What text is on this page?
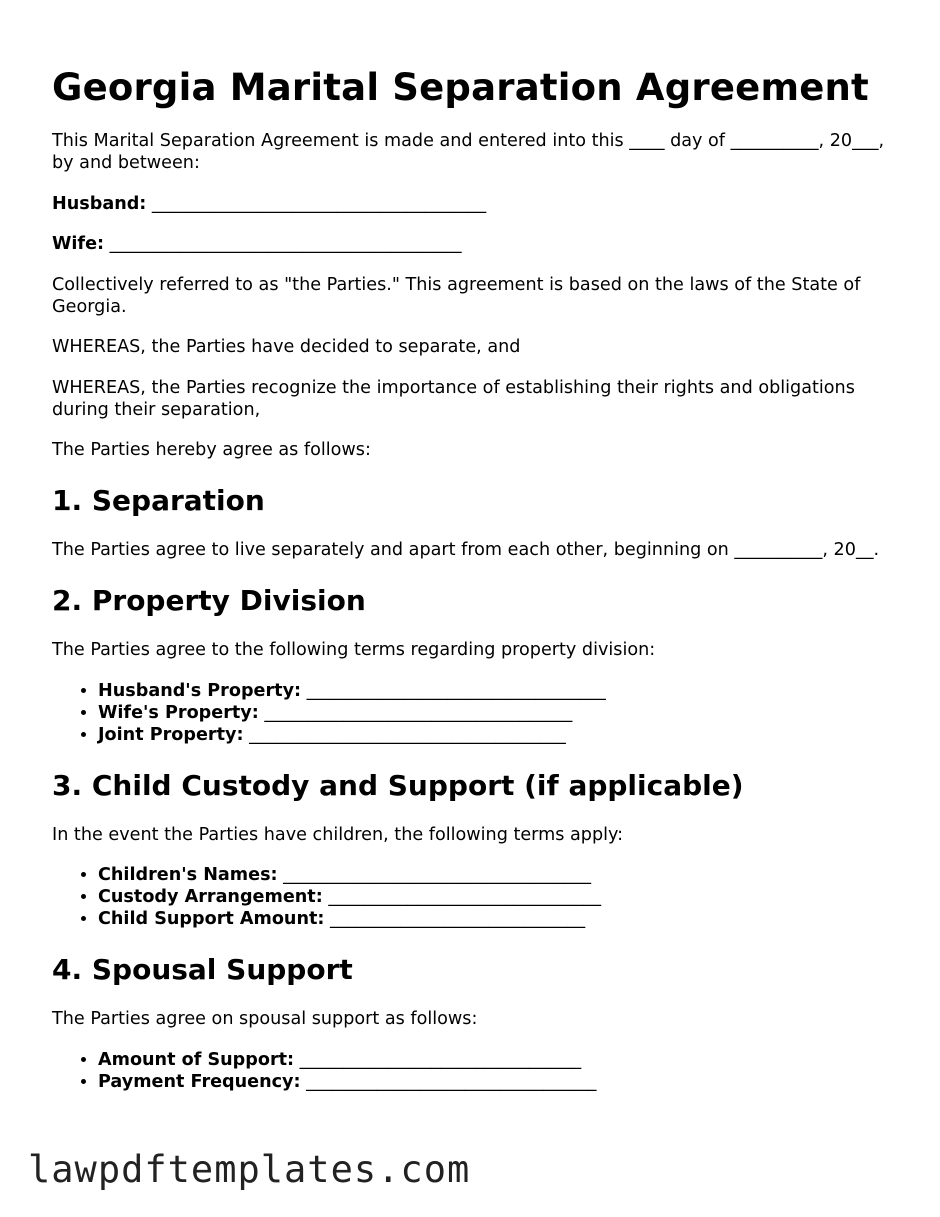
Georgia Marital Separation Agreement

This Marital Separation Agreement is made and entered into this ____ day of __________, 20___, by and between:

Husband: ______________________________________

Wife: ________________________________________

Collectively referred to as "the Parties." This agreement is based on the laws of the State of Georgia.

WHEREAS, the Parties have decided to separate, and

WHEREAS, the Parties recognize the importance of establishing their rights and obligations during their separation,

The Parties hereby agree as follows:

1. Separation

The Parties agree to live separately and apart from each other, beginning on __________, 20__.

2. Property Division

The Parties agree to the following terms regarding property division:

• Husband's Property: __________________________________
• Wife's Property: ___________________________________
• Joint Property: ____________________________________
3. Child Custody and Support (if applicable)

In the event the Parties have children, the following terms apply:

• Children's Names: ___________________________________
• Custody Arrangement: _______________________________
• Child Support Amount: _____________________________
4. Spousal Support

The Parties agree on spousal support as follows:

• Amount of Support: ________________________________
• Payment Frequency: _________________________________
lawpdftemplates.com
